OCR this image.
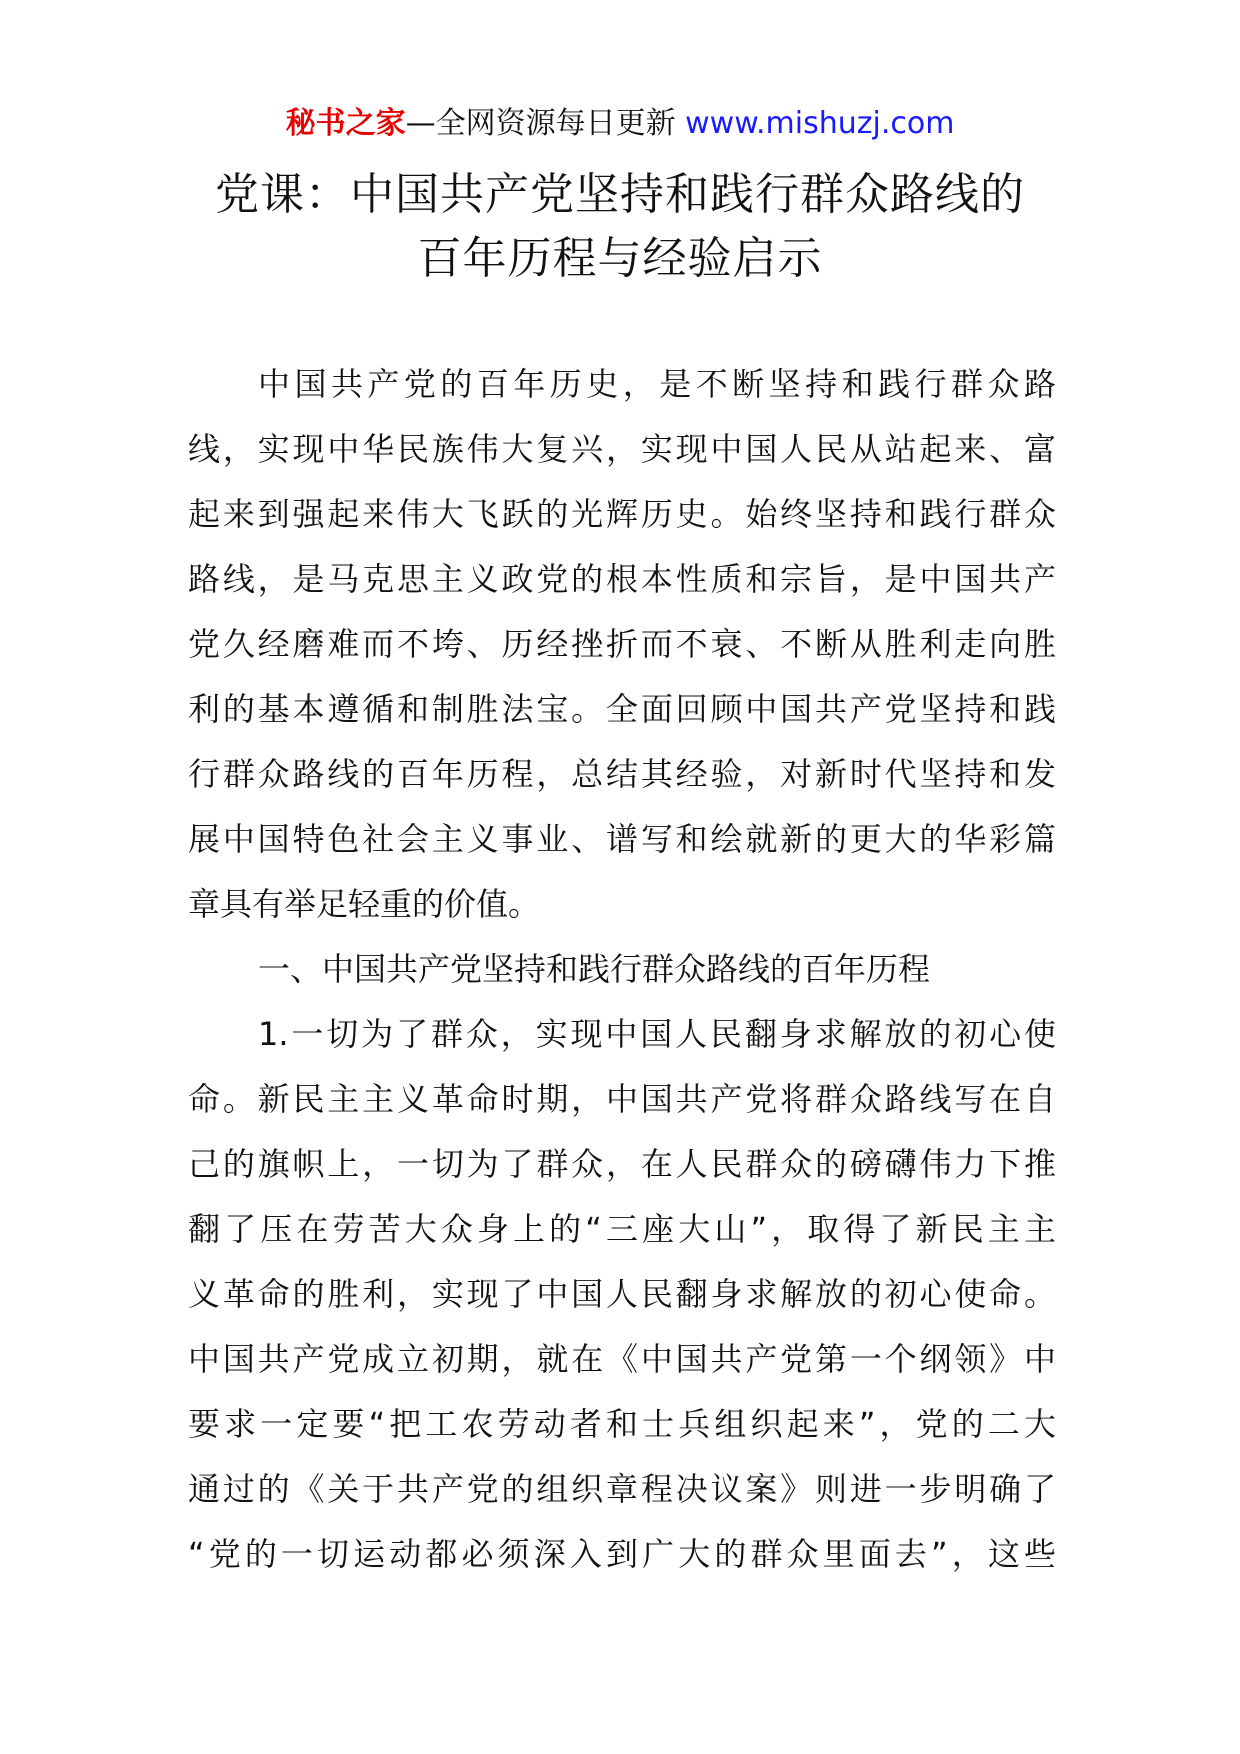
秘书之家—全网资源每日更新 www.mishuzj.com
党课：中国共产党坚持和践行群众路线的
百年历程与经验启示
中国共产党的百年历史，是不断坚持和践行群众路
线，实现中华民族伟大复兴，实现中国人民从站起来、富
起来到强起来伟大飞跃的光辉历史。始终坚持和践行群众
路线，是马克思主义政党的根本性质和宗旨，是中国共产
党久经磨难而不垮、历经挫折而不衰、不断从胜利走向胜
利的基本遵循和制胜法宝。全面回顾中国共产党坚持和践
行群众路线的百年历程，总结其经验，对新时代坚持和发
展中国特色社会主义事业、谱写和绘就新的更大的华彩篇
章具有举足轻重的价值。
一、中国共产党坚持和践行群众路线的百年历程
1.一切为了群众，实现中国人民翻身求解放的初心使
命。新民主主义革命时期，中国共产党将群众路线写在自
己的旗帜上，一切为了群众，在人民群众的磅礴伟力下推
翻了压在劳苦大众身上的“三座大山”，取得了新民主主
义革命的胜利，实现了中国人民翻身求解放的初心使命。
中国共产党成立初期，就在《中国共产党第一个纲领》中
要求一定要“把工农劳动者和士兵组织起来”，党的二大
通过的《关于共产党的组织章程决议案》则进一步明确了
“党的一切运动都必须深入到广大的群众里面去”，这些
